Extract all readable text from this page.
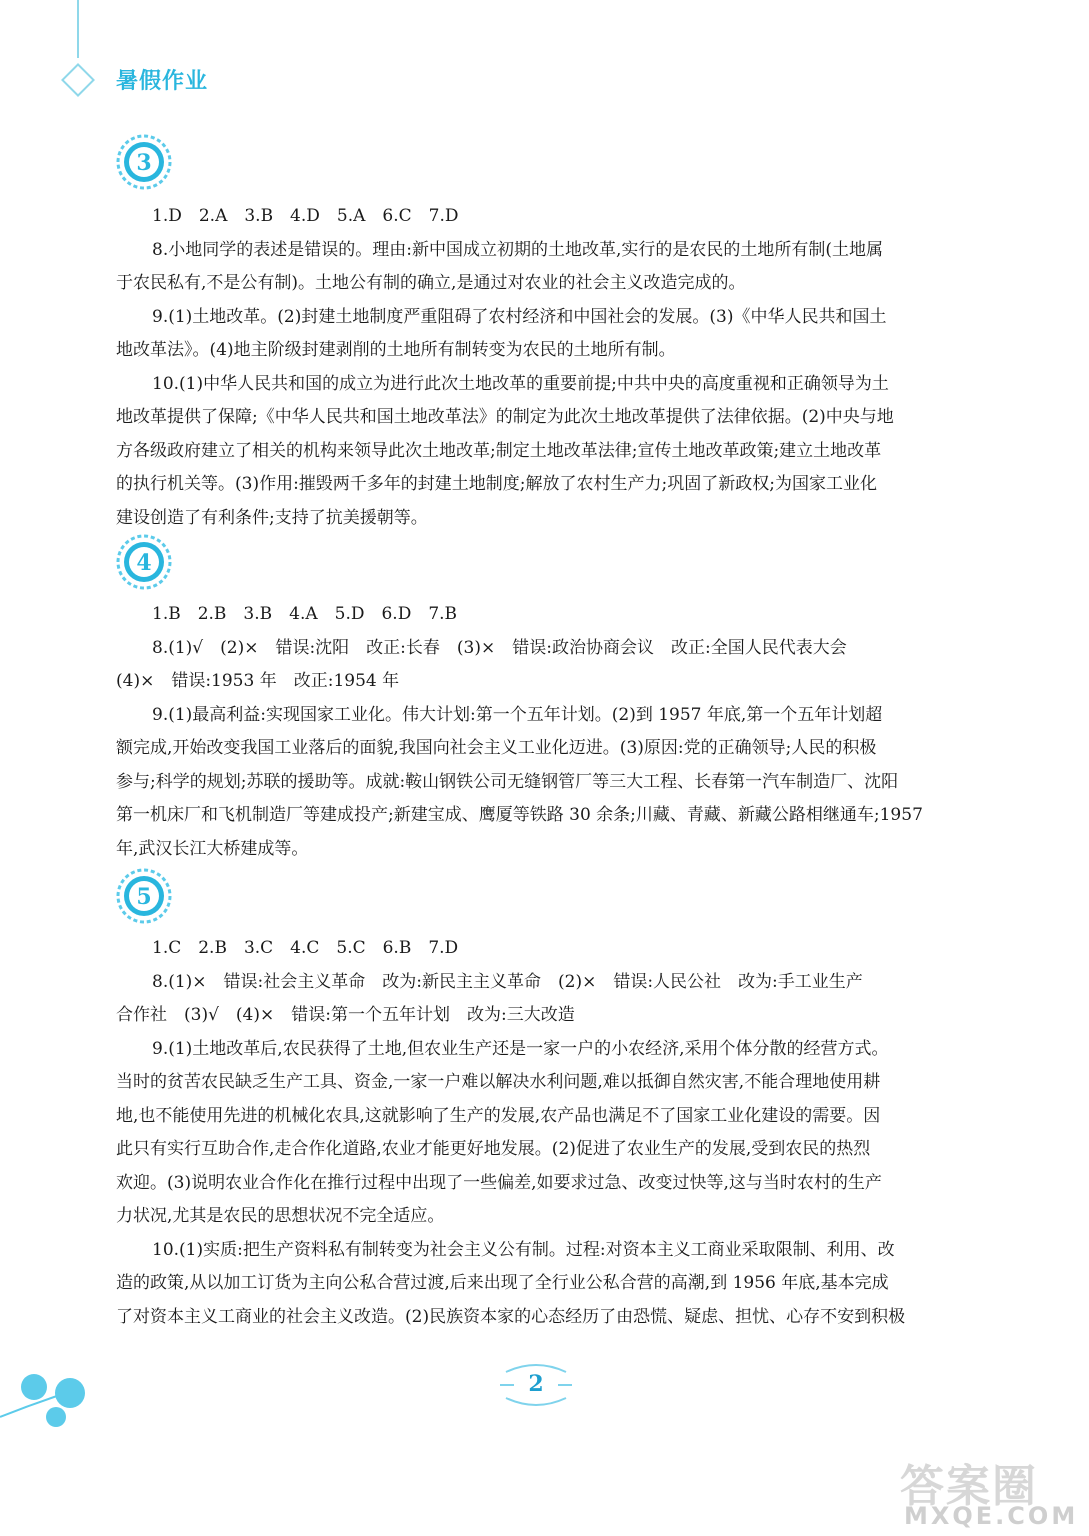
暑假作业
3
1.D　2.A　3.B　4.D　5.A　6.C　7.D
8.小地同学的表述是错误的。理由:新中国成立初期的土地改革,实行的是农民的土地所有制(土地属
于农民私有,不是公有制)。土地公有制的确立,是通过对农业的社会主义改造完成的。
9.(1)土地改革。(2)封建土地制度严重阻碍了农村经济和中国社会的发展。(3)《中华人民共和国土
地改革法》。(4)地主阶级封建剥削的土地所有制转变为农民的土地所有制。
10.(1)中华人民共和国的成立为进行此次土地改革的重要前提;中共中央的高度重视和正确领导为土
地改革提供了保障;《中华人民共和国土地改革法》的制定为此次土地改革提供了法律依据。(2)中央与地
方各级政府建立了相关的机构来领导此次土地改革;制定土地改革法律;宣传土地改革政策;建立土地改革
的执行机关等。(3)作用:摧毁两千多年的封建土地制度;解放了农村生产力;巩固了新政权;为国家工业化
建设创造了有利条件;支持了抗美援朝等。
4
1.B　2.B　3.B　4.A　5.D　6.D　7.B
8.(1)√　(2)×　错误:沈阳　改正:长春　(3)×　错误:政治协商会议　改正:全国人民代表大会
(4)×　错误:1953 年　改正:1954 年
9.(1)最高利益:实现国家工业化。伟大计划:第一个五年计划。(2)到 1957 年底,第一个五年计划超
额完成,开始改变我国工业落后的面貌,我国向社会主义工业化迈进。(3)原因:党的正确领导;人民的积极
参与;科学的规划;苏联的援助等。成就:鞍山钢铁公司无缝钢管厂等三大工程、长春第一汽车制造厂、沈阳
第一机床厂和飞机制造厂等建成投产;新建宝成、鹰厦等铁路 30 余条;川藏、青藏、新藏公路相继通车;1957
年,武汉长江大桥建成等。
5
1.C　2.B　3.C　4.C　5.C　6.B　7.D
8.(1)×　错误:社会主义革命　改为:新民主主义革命　(2)×　错误:人民公社　改为:手工业生产
合作社　(3)√　(4)×　错误:第一个五年计划　改为:三大改造
9.(1)土地改革后,农民获得了土地,但农业生产还是一家一户的小农经济,采用个体分散的经营方式。
当时的贫苦农民缺乏生产工具、资金,一家一户难以解决水利问题,难以抵御自然灾害,不能合理地使用耕
地,也不能使用先进的机械化农具,这就影响了生产的发展,农产品也满足不了国家工业化建设的需要。因
此只有实行互助合作,走合作化道路,农业才能更好地发展。(2)促进了农业生产的发展,受到农民的热烈
欢迎。(3)说明农业合作化在推行过程中出现了一些偏差,如要求过急、改变过快等,这与当时农村的生产
力状况,尤其是农民的思想状况不完全适应。
10.(1)实质:把生产资料私有制转变为社会主义公有制。过程:对资本主义工商业采取限制、利用、改
造的政策,从以加工订货为主向公私合营过渡,后来出现了全行业公私合营的高潮,到 1956 年底,基本完成
了对资本主义工商业的社会主义改造。(2)民族资本家的心态经历了由恐慌、疑虑、担忧、心存不安到积极
2
答案圈
MXQE.COM
